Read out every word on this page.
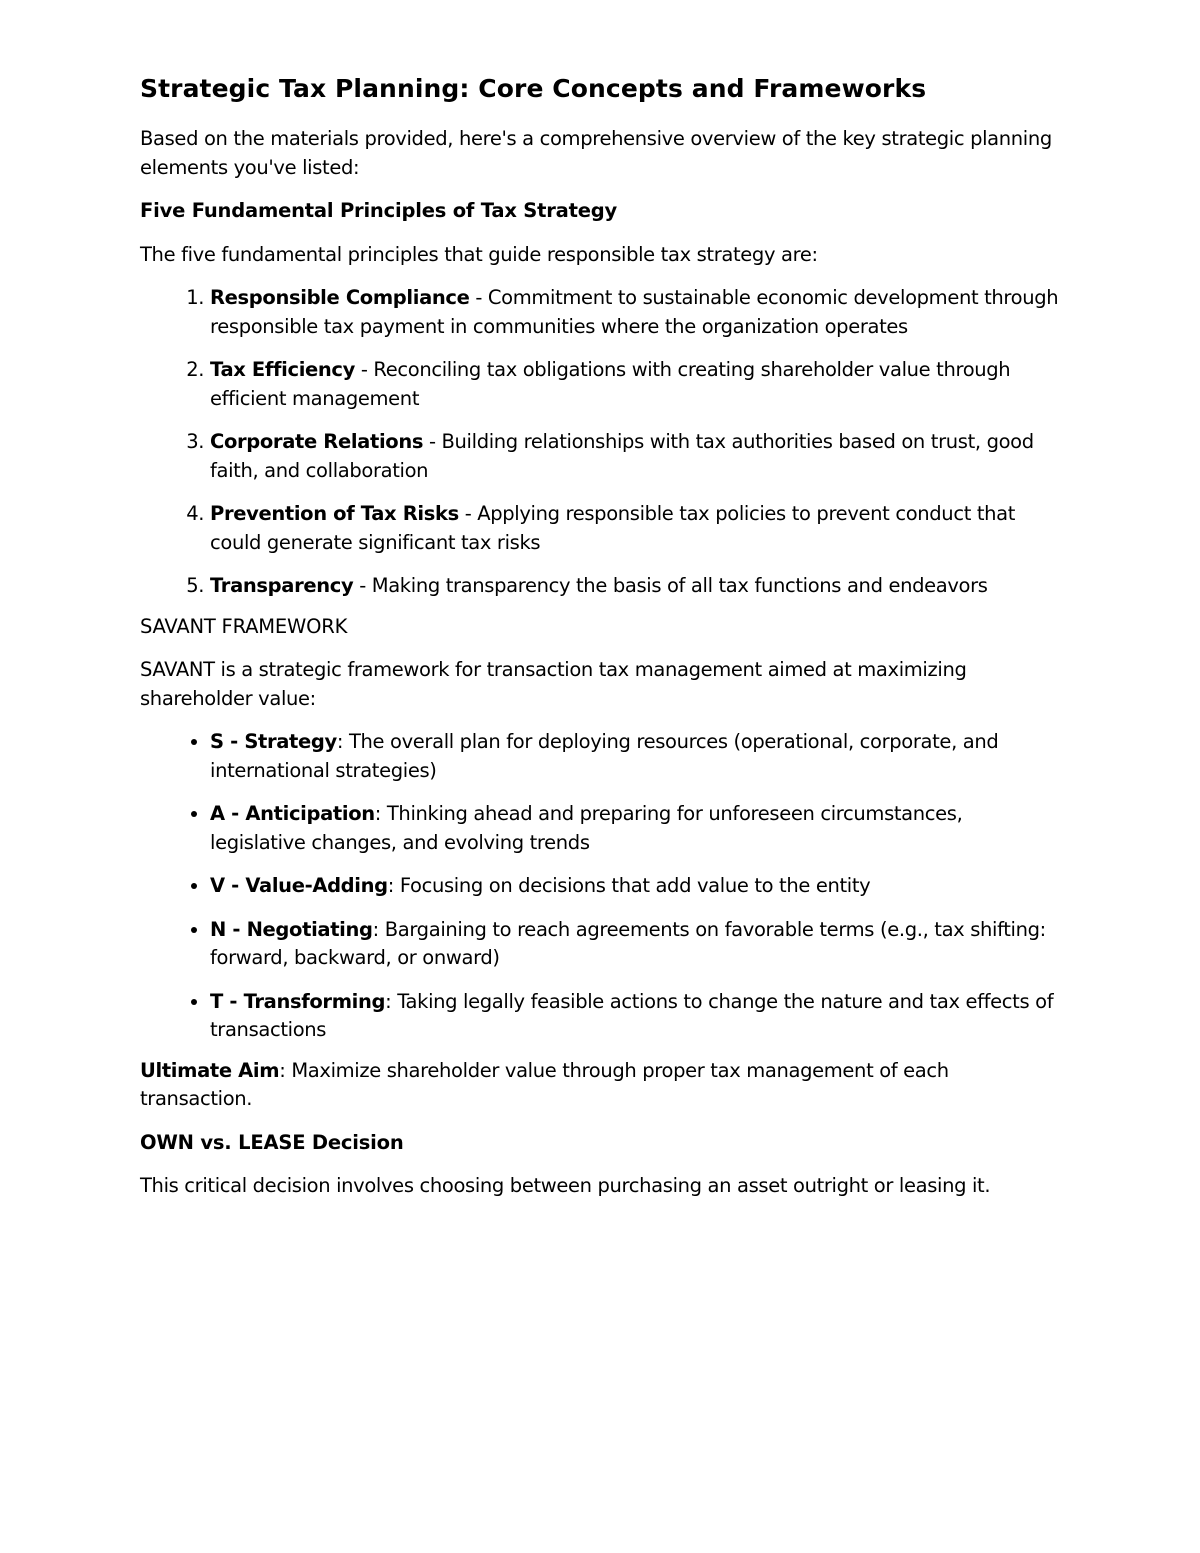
Strategic Tax Planning: Core Concepts and Frameworks

Based on the materials provided, here's a comprehensive overview of the key strategic planning elements you've listed:

Five Fundamental Principles of Tax Strategy

The five fundamental principles that guide responsible tax strategy are:

1. Responsible Compliance - Commitment to sustainable economic development through responsible tax payment in communities where the organization operates
2. Tax Efficiency - Reconciling tax obligations with creating shareholder value through efficient management
3. Corporate Relations - Building relationships with tax authorities based on trust, good faith, and collaboration
4. Prevention of Tax Risks - Applying responsible tax policies to prevent conduct that could generate significant tax risks
5. Transparency - Making transparency the basis of all tax functions and endeavors
SAVANT FRAMEWORK

SAVANT is a strategic framework for transaction tax management aimed at maximizing shareholder value:

• S - Strategy: The overall plan for deploying resources (operational, corporate, and international strategies)
• A - Anticipation: Thinking ahead and preparing for unforeseen circumstances, legislative changes, and evolving trends
• V - Value-Adding: Focusing on decisions that add value to the entity
• N - Negotiating: Bargaining to reach agreements on favorable terms (e.g., tax shifting: forward, backward, or onward)
• T - Transforming: Taking legally feasible actions to change the nature and tax effects of transactions

Ultimate Aim: Maximize shareholder value through proper tax management of each transaction.

OWN vs. LEASE Decision

This critical decision involves choosing between purchasing an asset outright or leasing it.
